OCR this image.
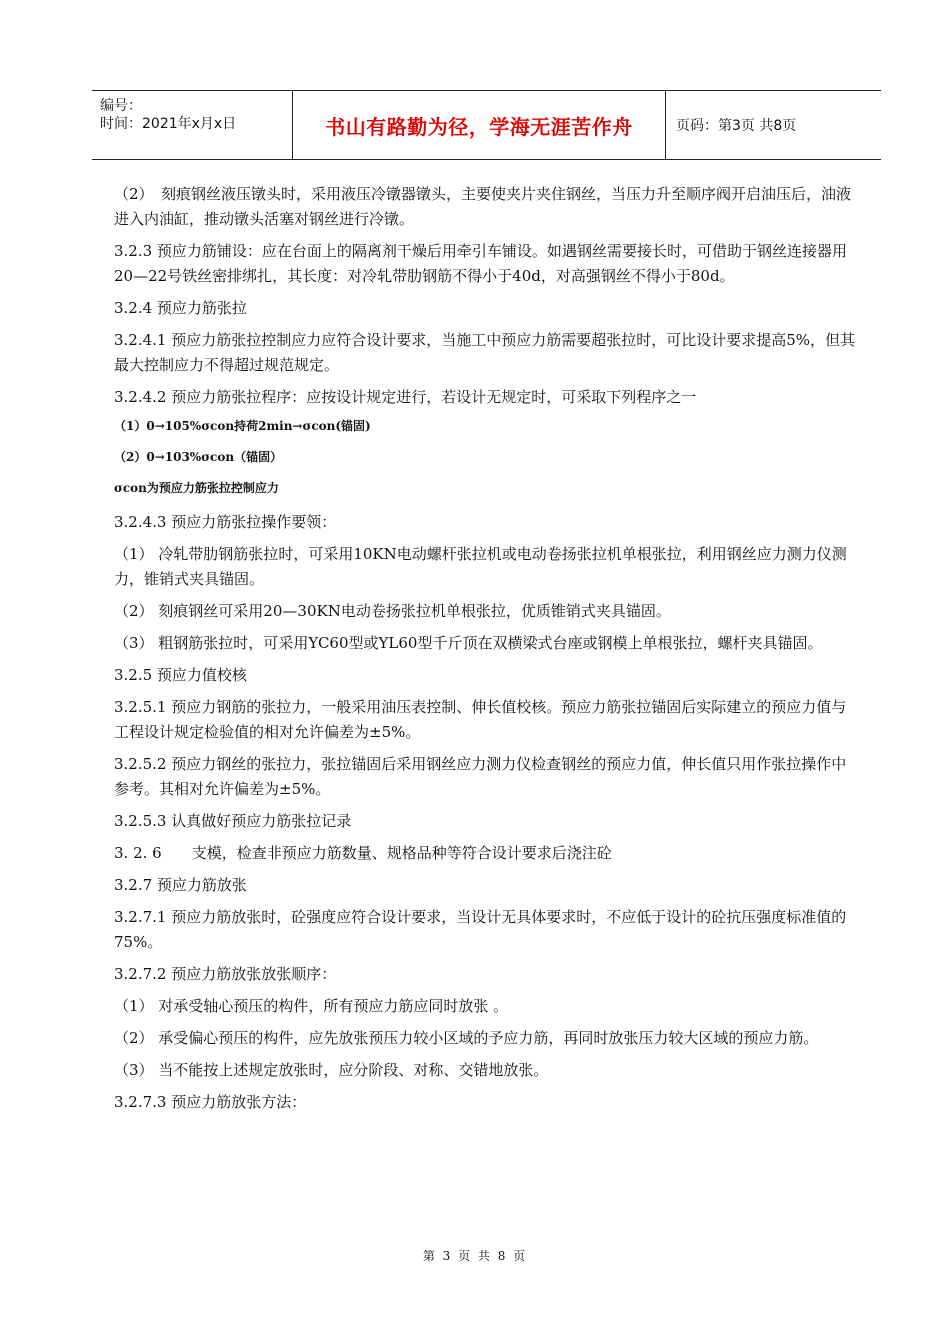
编号：
时间：2021年x月x日	书山有路勤为径，学海无涯苦作舟	页码：第3页 共8页

（2）　刻痕钢丝液压镦头时，采用液压冷镦器镦头，主要使夹片夹住钢丝，当压力升至顺序阀开启油压后，油液进入内油缸，推动镦头活塞对钢丝进行冷镦。

3.2.3 预应力筋铺设：应在台面上的隔离剂干燥后用牵引车铺设。如遇钢丝需要接长时，可借助于钢丝连接器用20—22号铁丝密排绑扎，其长度：对冷轧带肋钢筋不得小于40d，对高强钢丝不得小于80d。

3.2.4 预应力筋张拉

3.2.4.1 预应力筋张拉控制应力应符合设计要求，当施工中预应力筋需要超张拉时，可比设计要求提高5%，但其最大控制应力不得超过规范规定。

3.2.4.2 预应力筋张拉程序：应按设计规定进行，若设计无规定时，可采取下列程序之一

（1）0→105%σcon持荷2min→σcon(锚固)

（2）0→103%σcon（锚固）

σcon为预应力筋张拉控制应力

3.2.4.3 预应力筋张拉操作要领：

（1） 冷轧带肋钢筋张拉时，可采用10KN电动螺杆张拉机或电动卷扬张拉机单根张拉，利用钢丝应力测力仪测力，锥销式夹具锚固。

（2） 刻痕钢丝可采用20—30KN电动卷扬张拉机单根张拉，优质锥销式夹具锚固。

（3） 粗钢筋张拉时，可采用YC60型或YL60型千斤顶在双横梁式台座或钢模上单根张拉，螺杆夹具锚固。

3.2.5 预应力值校核

3.2.5.1 预应力钢筋的张拉力，一般采用油压表控制、伸长值校核。预应力筋张拉锚固后实际建立的预应力值与工程设计规定检验值的相对允许偏差为±5%。

3.2.5.2 预应力钢丝的张拉力，张拉锚固后采用钢丝应力测力仪检查钢丝的预应力值，伸长值只用作张拉操作中参考。其相对允许偏差为±5%。

3.2.5.3 认真做好预应力筋张拉记录

3. 2. 6　　支模，检查非预应力筋数量、规格品种等符合设计要求后浇注砼

3.2.7 预应力筋放张

3.2.7.1 预应力筋放张时，砼强度应符合设计要求，当设计无具体要求时，不应低于设计的砼抗压强度标准值的75%。

3.2.7.2 预应力筋放张放张顺序：

（1） 对承受轴心预压的构件，所有预应力筋应同时放张 。

（2） 承受偏心预压的构件，应先放张预压力较小区域的予应力筋，再同时放张压力较大区域的预应力筋。

（3） 当不能按上述规定放张时，应分阶段、对称、交错地放张。

3.2.7.3 预应力筋放张方法：

第 3 页 共 8 页
